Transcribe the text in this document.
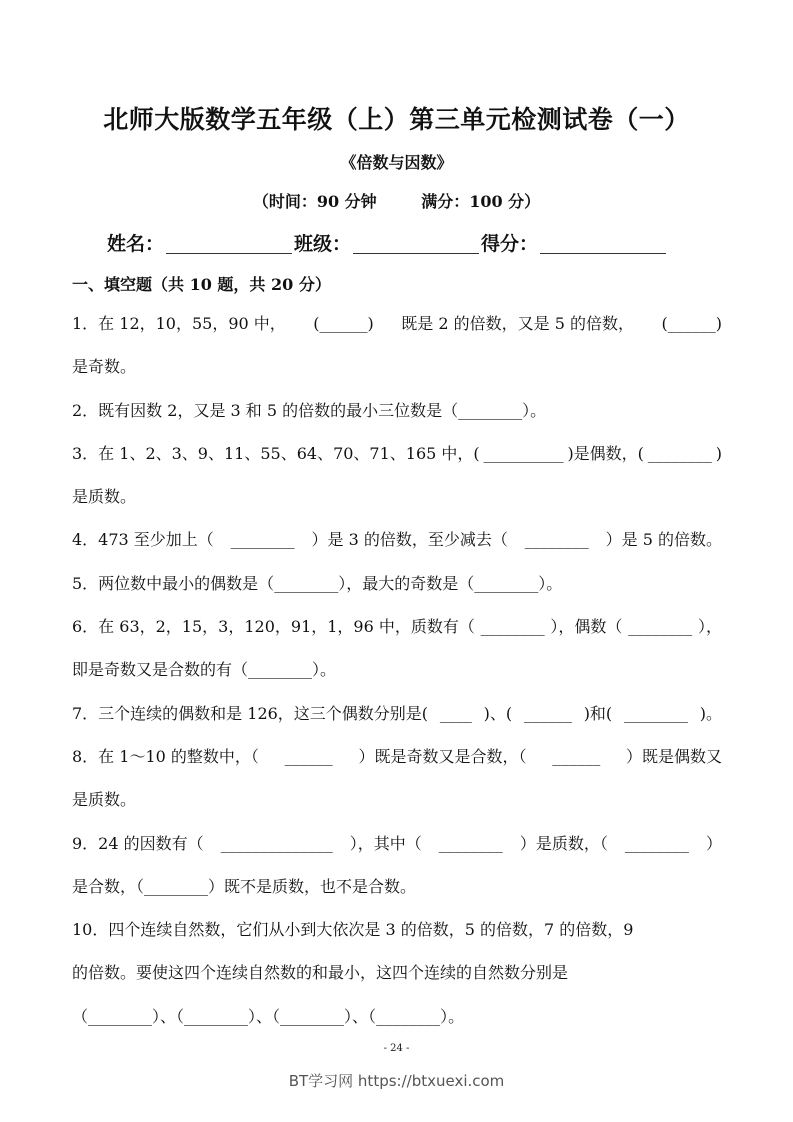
北师大版数学五年级（上）第三单元检测试卷（一）
《倍数与因数》
（时间：90 分钟        满分：100 分）
姓名：	班级：	得分：
一、填空题（共 10 题，共 20 分）
1．在 12，10，55，90 中， (______) 既是 2 的倍数，又是 5 的倍数， (______)
是奇数。
2．既有因数 2，又是 3 和 5 的倍数的最小三位数是（________）。
3．在 1、2、3、9、11、55、64、70、71、165 中，( __________ )是偶数，( ________ )
是质数。
4．473 至少加上（ ________ ）是 3 的倍数，至少减去（ ________ ）是 5 的倍数。
5．两位数中最小的偶数是（________），最大的奇数是（________）。
6．在 63，2，15，3，120，91，1，96 中，质数有（ ________ ），偶数（ ________ ），
即是奇数又是合数的有（________）。
7．三个连续的偶数和是 126，这三个偶数分别是( ____ )、( ______ )和( ________ )。
8．在 1～10 的整数中，（ ______ ）既是奇数又是合数，（ ______ ）既是偶数又
是质数。
9．24 的因数有（ ______________ ），其中（ ________ ）是质数，（ ________ ）
是合数，（________）既不是质数，也不是合数。
10．四个连续自然数，它们从小到大依次是 3 的倍数，5 的倍数，7 的倍数，9
的倍数。要使这四个连续自然数的和最小，这四个连续的自然数分别是
（________）、（________）、（________）、（________）。
- 24 -
BT学习网 https://btxuexi.com
